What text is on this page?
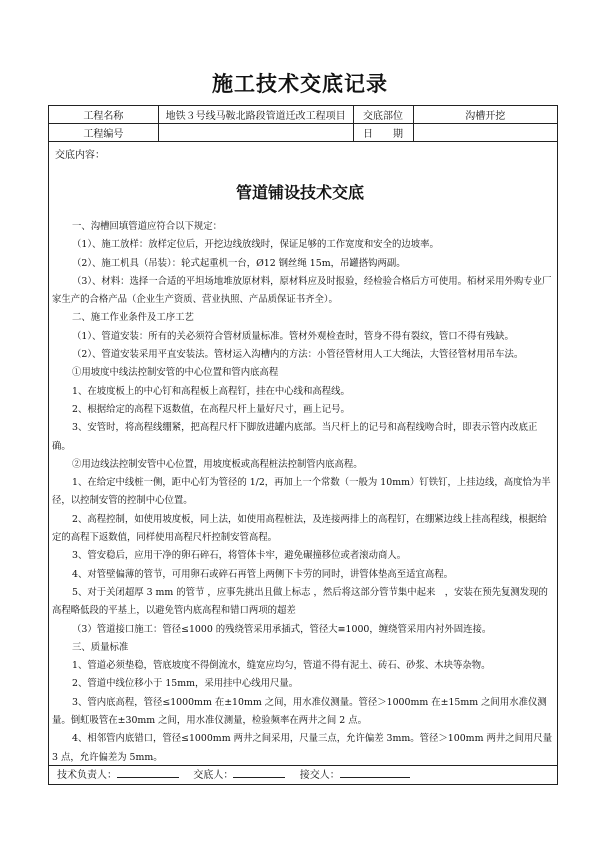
施工技术交底记录
工程名称	地铁３号线马鞍北路段管道迁改工程项目	交底部位	沟槽开挖
工程编号		日　　期	
交底内容：
管道铺设技术交底

一、沟槽回填管道应符合以下规定：

（1）、施工放样：放样定位后，开挖边线放线时，保证足够的工作宽度和安全的边坡率。

（2）、施工机具（吊装）：轮式起重机一台，Ø12 钢丝绳 15m，吊罐搭钩两副。

（3）、材料：选择一合适的平坦场地堆放原材料，原材料应及时报验，经检验合格后方可使用。栢材采用外购专业厂家生产的合格产品（企业生产资质、营业执照、产品质保证书齐全）。

二、施工作业条件及工序工艺

（1）、管道安装：所有的关必须符合管材质量标准。管材外观检查时，管身不得有裂纹，管口不得有残缺。

（2）、管道安装采用平直安装法。管材运入沟槽内的方法：小管径管材用人工大绳法，大管径管材用吊车法。

①用坡度中线法控制安管的中心位置和管内底高程

1、在坡度板上的中心钉和高程板上高程钉，挂在中心线和高程线。

2、根据给定的高程下返数值，在高程尺杆上量好尺寸，画上记号。

3、安管时，将高程线绷紧，把高程尺杆下脚放进罐内底部。当尺杆上的记号和高程线吻合时，即表示管内改底正确。

②用边线法控制安管中心位置，用坡度板或高程桩法控制管内底高程。

1、在给定中线桩一侧，距中心钉为管径的 1/2，再加上一个常数（一般为 10mm）钉铁钉，上挂边线，高度恰为半径，以控制安管的控制中心位置。

2、高程控制，如使用坡度板，同上法，如使用高程桩法，及连接两排上的高程钉，在绷紧边线上挂高程线，根据给定的高程下返数值，同样使用高程尺杆控制安管高程。

3、管安稳后，应用干净的卵石碎石，将管体卡牢，避免碾撞移位或者滚动商人。

4、对管壁偏薄的管节，可用卵石或碎石再管上两侧下卡劳的同时，讲管体垫高至适宜高程。

5、对于关闭超厚 3 mm 的管节 ，应事先挑出且做上标志 ，然后将这部分管节集中起来　，安装在预先复测发现的高程略低段的平基上，以避免管内底高程和错口两项的超差

（3）管道接口施工：管径≤1000 的残绕管采用承插式，管径大≡1000，缠绕管采用内衬外固连接。

三、质量标准

1、管道必须垫稳，管底坡度不得倒流水，缝宽应均匀，管道不得有泥土、砖石、砂浆、木块等杂物。

2、管道中线位移小于 15mm，采用挂中心线用尺量。

3、管内底高程，管径≤1000mm 在±10mm 之间，用水准仪测量。管径＞1000mm 在±15mm 之间用水准仪测量。倒虹吸管在±30mm 之间，用水准仪测量，检验频率在两井之间 2 点。

4、相邻管内底错口，管径≤1000mm 两井之间采用，尺量三点，允许偏差 3mm。管径＞100mm 两井之间用尺量 3 点，允许偏差为 5mm。

技术负责人：	交底人：	接交人：
